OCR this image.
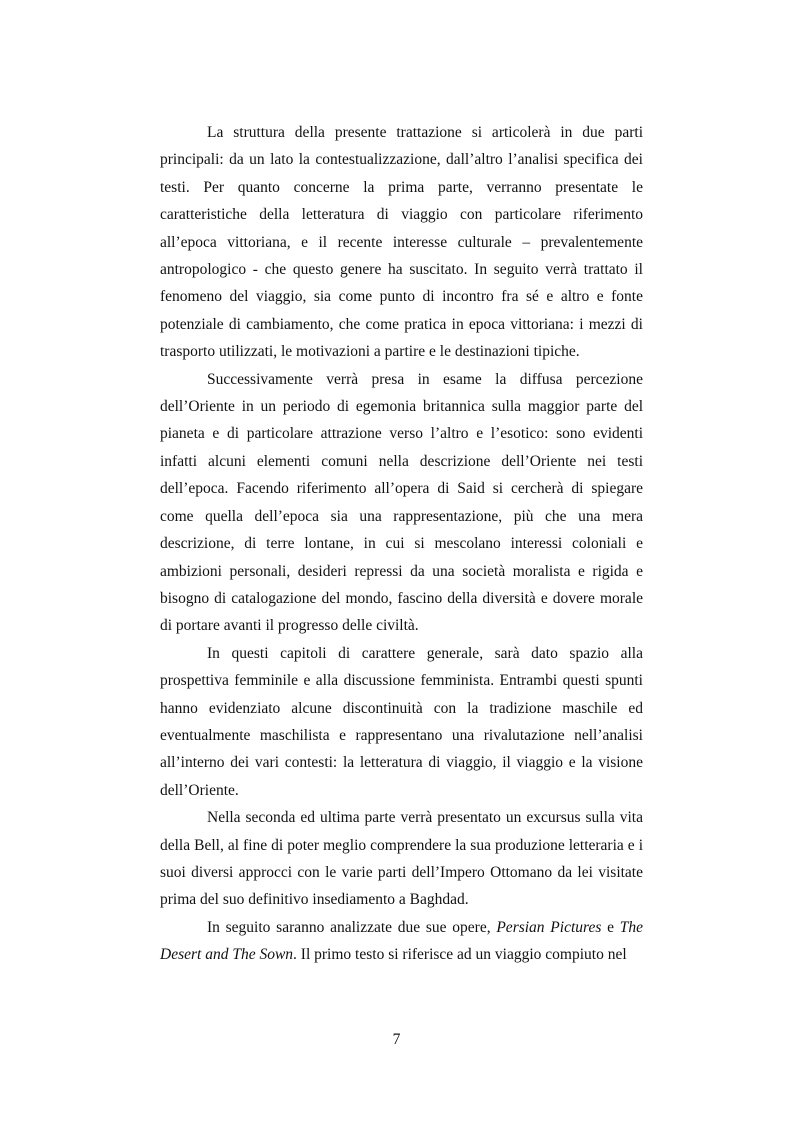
La struttura della presente trattazione si articolerà in due parti principali: da un lato la contestualizzazione, dall’altro l’analisi specifica dei testi. Per quanto concerne la prima parte, verranno presentate le caratteristiche della letteratura di viaggio con particolare riferimento all’epoca vittoriana, e il recente interesse culturale – prevalentemente antropologico - che questo genere ha suscitato. In seguito verrà trattato il fenomeno del viaggio, sia come punto di incontro fra sé e altro e fonte potenziale di cambiamento, che come pratica in epoca vittoriana: i mezzi di trasporto utilizzati, le motivazioni a partire e le destinazioni tipiche.

Successivamente verrà presa in esame la diffusa percezione dell’Oriente in un periodo di egemonia britannica sulla maggior parte del pianeta e di particolare attrazione verso l’altro e l’esotico: sono evidenti infatti alcuni elementi comuni nella descrizione dell’Oriente nei testi dell’epoca. Facendo riferimento all’opera di Said si cercherà di spiegare come quella dell’epoca sia una rappresentazione, più che una mera descrizione, di terre lontane, in cui si mescolano interessi coloniali e ambizioni personali, desideri repressi da una società moralista e rigida e bisogno di catalogazione del mondo, fascino della diversità e dovere morale di portare avanti il progresso delle civiltà.

In questi capitoli di carattere generale, sarà dato spazio alla prospettiva femminile e alla discussione femminista. Entrambi questi spunti hanno evidenziato alcune discontinuità con la tradizione maschile ed eventualmente maschilista e rappresentano una rivalutazione nell’analisi all’interno dei vari contesti: la letteratura di viaggio, il viaggio e la visione dell’Oriente.

Nella seconda ed ultima parte verrà presentato un excursus sulla vita della Bell, al fine di poter meglio comprendere la sua produzione letteraria e i suoi diversi approcci con le varie parti dell’Impero Ottomano da lei visitate prima del suo definitivo insediamento a Baghdad.

In seguito saranno analizzate due sue opere, Persian Pictures e The Desert and The Sown. Il primo testo si riferisce ad un viaggio compiuto nel

7
